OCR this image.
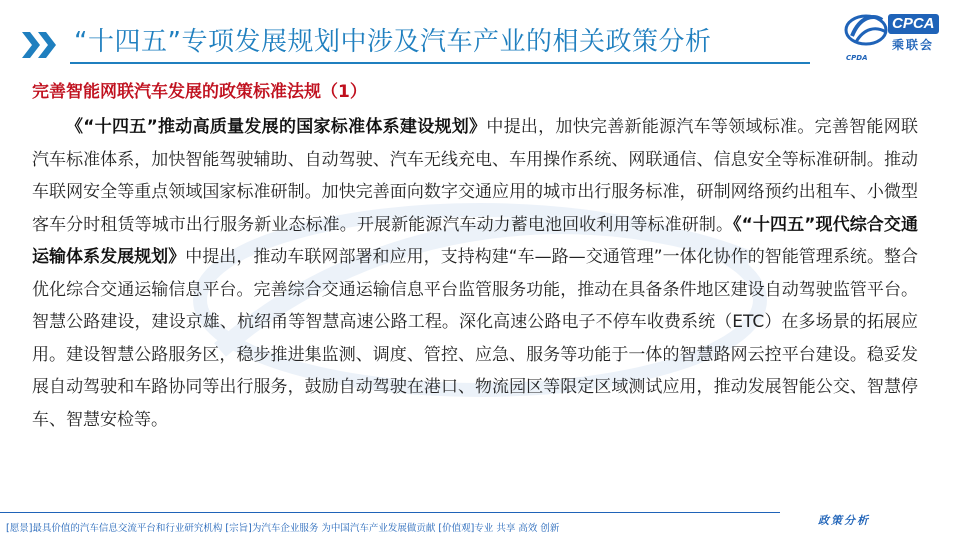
“十四五”专项发展规划中涉及汽车产业的相关政策分析
CPCA
乘联会
CPDA
完善智能网联汽车发展的政策标准法规（1）
《“十四五”推动高质量发展的国家标准体系建设规划》中提出，加快完善新能源汽车等领域标准。完善智能网联汽车标准体系，加快智能驾驶辅助、自动驾驶、汽车无线充电、车用操作系统、网联通信、信息安全等标准研制。推动车联网安全等重点领域国家标准研制。加快完善面向数字交通应用的城市出行服务标准，研制网络预约出租车、小微型客车分时租赁等城市出行服务新业态标准。开展新能源汽车动力蓄电池回收利用等标准研制。《“十四五”现代综合交通运输体系发展规划》中提出，推动车联网部署和应用，支持构建“车—路—交通管理”一体化协作的智能管理系统。整合优化综合交通运输信息平台。完善综合交通运输信息平台监管服务功能，推动在具备条件地区建设自动驾驶监管平台。智慧公路建设，建设京雄、杭绍甬等智慧高速公路工程。深化高速公路电子不停车收费系统（ETC）在多场景的拓展应用。建设智慧公路服务区，稳步推进集监测、调度、管控、应急、服务等功能于一体的智慧路网云控平台建设。稳妥发展自动驾驶和车路协同等出行服务，鼓励自动驾驶在港口、物流园区等限定区域测试应用，推动发展智能公交、智慧停车、智慧安检等。
[愿景]最具价值的汽车信息交流平台和行业研究机构 [宗旨]为汽车企业服务 为中国汽车产业发展做贡献 [价值观]专业 共享 高效 创新
政策分析
